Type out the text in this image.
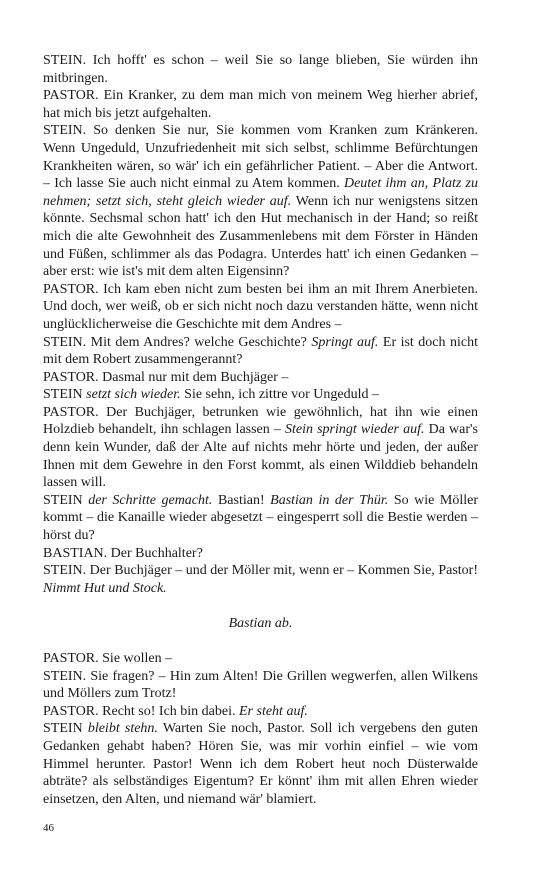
STEIN. Ich hofft' es schon – weil Sie so lange blieben, Sie würden ihn mitbringen.

PASTOR. Ein Kranker, zu dem man mich von meinem Weg hierher abrief, hat mich bis jetzt aufgehalten.

STEIN. So denken Sie nur, Sie kommen vom Kranken zum Kränkeren. Wenn Ungeduld, Unzufriedenheit mit sich selbst, schlimme Befürchtungen Krankheiten wären, so wär' ich ein gefährlicher Patient. – Aber die Antwort. – Ich lasse Sie auch nicht einmal zu Atem kommen. Deutet ihm an, Platz zu nehmen; setzt sich, steht gleich wieder auf. Wenn ich nur wenigstens sitzen könnte. Sechsmal schon hatt' ich den Hut mechanisch in der Hand; so reißt mich die alte Gewohnheit des Zusammenlebens mit dem Förster in Händen und Füßen, schlimmer als das Podagra. Unterdes hatt' ich einen Gedanken – aber erst: wie ist's mit dem alten Eigensinn?

PASTOR. Ich kam eben nicht zum besten bei ihm an mit Ihrem Anerbieten. Und doch, wer weiß, ob er sich nicht noch dazu verstanden hätte, wenn nicht unglücklicherweise die Geschichte mit dem Andres –

STEIN. Mit dem Andres? welche Geschichte? Springt auf. Er ist doch nicht mit dem Robert zusammengerannt?

PASTOR. Dasmal nur mit dem Buchjäger –

STEIN setzt sich wieder. Sie sehn, ich zittre vor Ungeduld –

PASTOR. Der Buchjäger, betrunken wie gewöhnlich, hat ihn wie einen Holzdieb behandelt, ihn schlagen lassen – Stein springt wieder auf. Da war's denn kein Wunder, daß der Alte auf nichts mehr hörte und jeden, der außer Ihnen mit dem Gewehre in den Forst kommt, als einen Wilddieb behandeln lassen will.

STEIN der Schritte gemacht. Bastian! Bastian in der Thür. So wie Möller kommt – die Kanaille wieder abgesetzt – eingesperrt soll die Bestie werden – hörst du?

BASTIAN. Der Buchhalter?

STEIN. Der Buchjäger – und der Möller mit, wenn er – Kommen Sie, Pastor! Nimmt Hut und Stock.

Bastian ab.

PASTOR. Sie wollen –

STEIN. Sie fragen? – Hin zum Alten! Die Grillen wegwerfen, allen Wilkens und Möllers zum Trotz!

PASTOR. Recht so! Ich bin dabei. Er steht auf.

STEIN bleibt stehn. Warten Sie noch, Pastor. Soll ich vergebens den guten Gedanken gehabt haben? Hören Sie, was mir vorhin einfiel – wie vom Himmel herunter. Pastor! Wenn ich dem Robert heut noch Düsterwalde abträte? als selbständiges Eigentum? Er könnt' ihm mit allen Ehren wieder einsetzen, den Alten, und niemand wär' blamiert.

46
